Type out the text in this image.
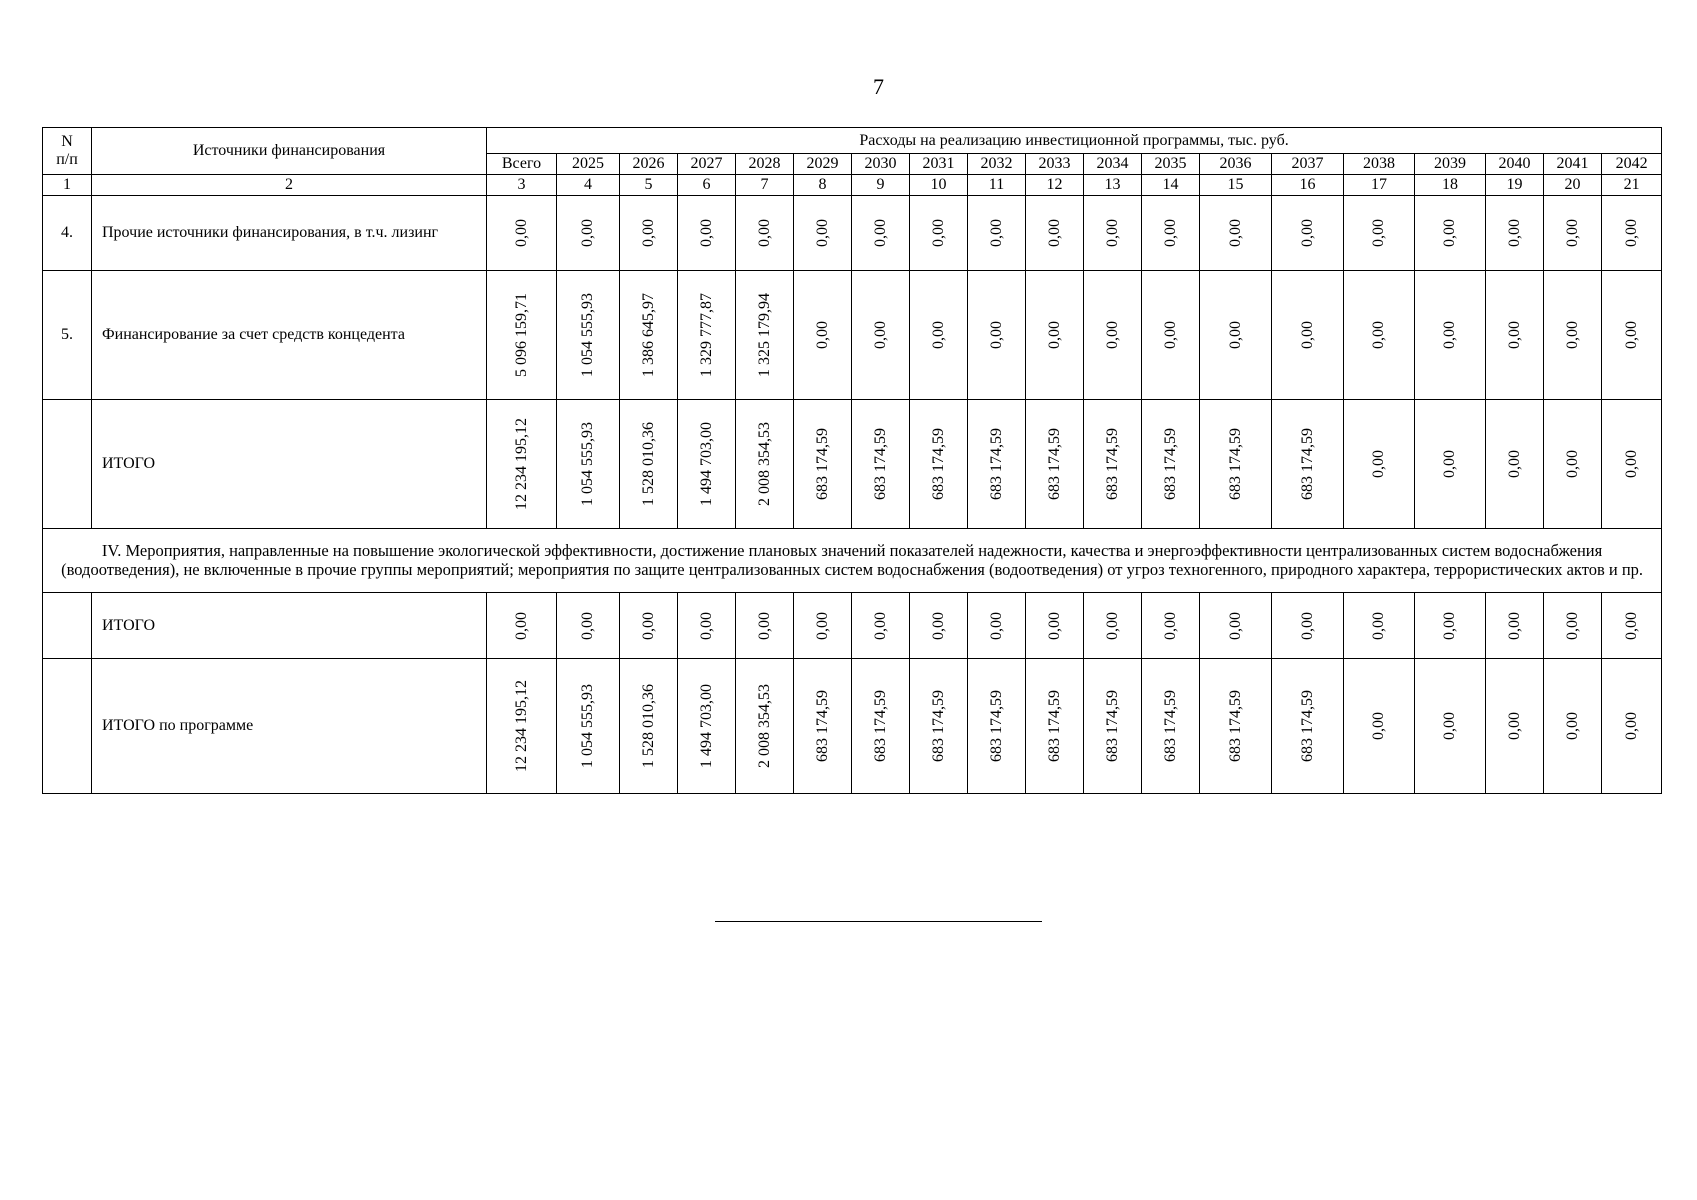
7
N
п/п	Источники финансирования	Расходы на реализацию инвестиционной программы, тыс. руб.																		
		Всего	2025	2026	2027	2028	2029	2030	2031	2032	2033	2034	2035	2036	2037	2038	2039	2040	2041	2042
1	2	3	4	5	6	7	8	9	10	11	12	13	14	15	16	17	18	19	20	21
4.	Прочие источники финансирования, в т.ч. лизинг	0,00	0,00	0,00	0,00	0,00	0,00	0,00	0,00	0,00	0,00	0,00	0,00	0,00	0,00	0,00	0,00	0,00	0,00	0,00

5.	Финансирование за счет средств концедента	5 096 159,71	1 054 555,93	1 386 645,97	1 329 777,87	1 325 179,94	0,00	0,00	0,00	0,00	0,00	0,00	0,00	0,00	0,00	0,00	0,00	0,00	0,00	0,00

	ИТОГО	12 234 195,12	1 054 555,93	1 528 010,36	1 494 703,00	2 008 354,53	683 174,59	683 174,59	683 174,59	683 174,59	683 174,59	683 174,59	683 174,59	683 174,59	683 174,59	0,00	0,00	0,00	0,00	0,00

IV. Мероприятия, направленные на повышение экологической эффективности, достижение плановых значений показателей надежности, качества и энергоэффективности централизованных систем водоснабжения (водоотведения), не включенные в прочие группы мероприятий; мероприятия по защите централизованных систем водоснабжения (водоотведения) от угроз техногенного, природного характера, террористических актов и пр.																				
	ИТОГО	0,00	0,00	0,00	0,00	0,00	0,00	0,00	0,00	0,00	0,00	0,00	0,00	0,00	0,00	0,00	0,00	0,00	0,00	0,00

	ИТОГО по программе	12 234 195,12	1 054 555,93	1 528 010,36	1 494 703,00	2 008 354,53	683 174,59	683 174,59	683 174,59	683 174,59	683 174,59	683 174,59	683 174,59	683 174,59	683 174,59	0,00	0,00	0,00	0,00	0,00
